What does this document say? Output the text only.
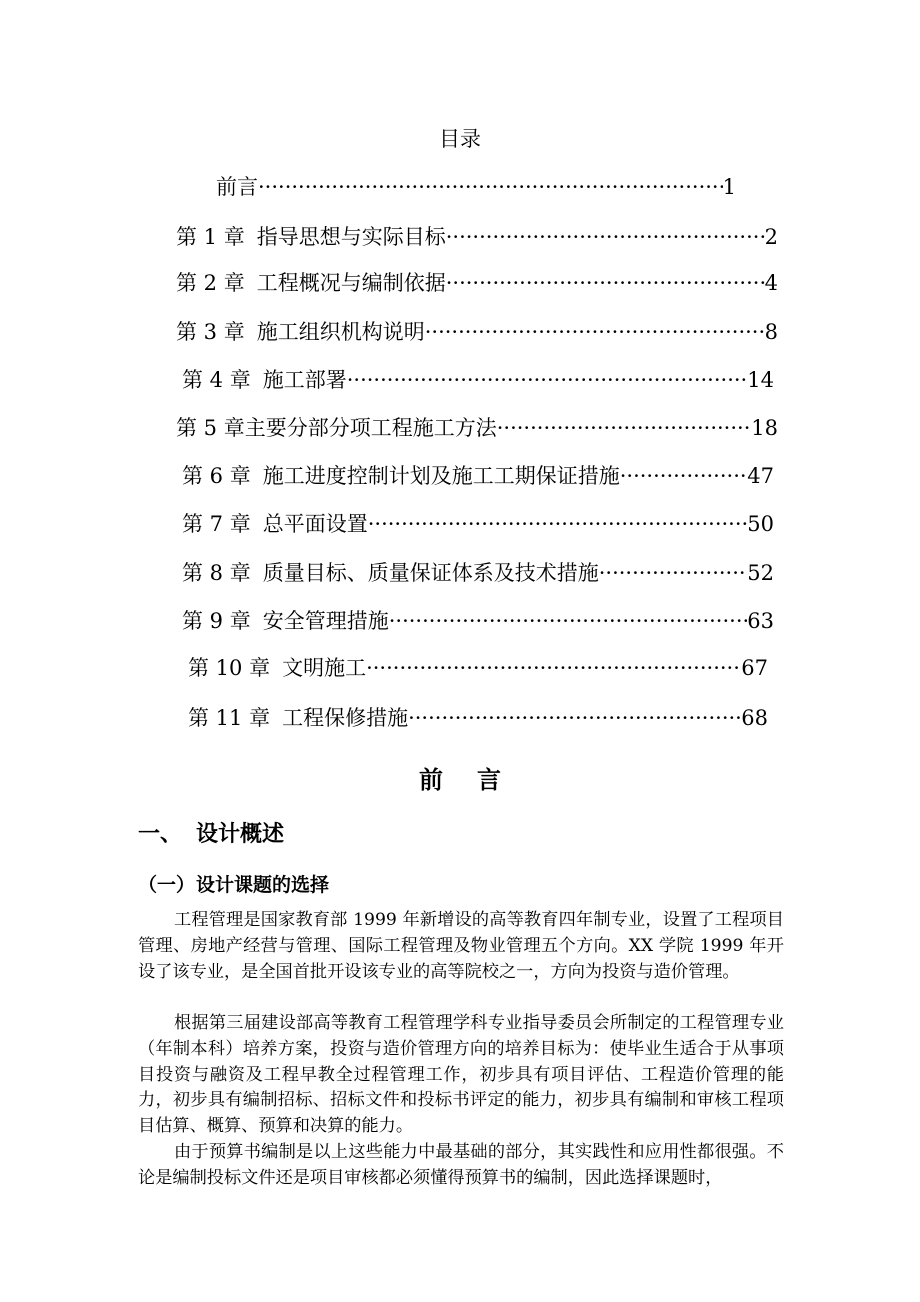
目录
前言 ·····	1
第 1 章 指导思想与实际目标 ·····	2
第 2 章 工程概况与编制依据 ·····	4
第 3 章 施工组织机构说明 ·····	8
第 4 章 施工部署 ·····	14
第 5 章 主要分部分项工程施工方法 ·····	18
第 6 章 施工进度控制计划及施工工期保证措施 ·····	47
第 7 章 总平面设置 ·····	50
第 8 章 质量目标、质量保证体系及技术措施 ·····	52
第 9 章 安全管理措施 ·····	63
第 10 章 文明施工 ·····	67
第 11 章 工程保修措施 ·····	68
前言
一、 设计概述
（一）设计课题的选择
工程管理是国家教育部 1999 年新增设的高等教育四年制专业，设置了工程项目管理、房地产经营与管理、国际工程管理及物业管理五个方向。XX 学院 1999 年开设了该专业，是全国首批开设该专业的高等院校之一，方向为投资与造价管理。
根据第三届建设部高等教育工程管理学科专业指导委员会所制定的工程管理专业（年制本科）培养方案，投资与造价管理方向的培养目标为：使毕业生适合于从事项目投资与融资及工程早教全过程管理工作，初步具有项目评估、工程造价管理的能力，初步具有编制招标、招标文件和投标书评定的能力，初步具有编制和审核工程项目估算、概算、预算和决算的能力。
由于预算书编制是以上这些能力中最基础的部分，其实践性和应用性都很强。不论是编制投标文件还是项目审核都必须懂得预算书的编制，因此选择课题时，
